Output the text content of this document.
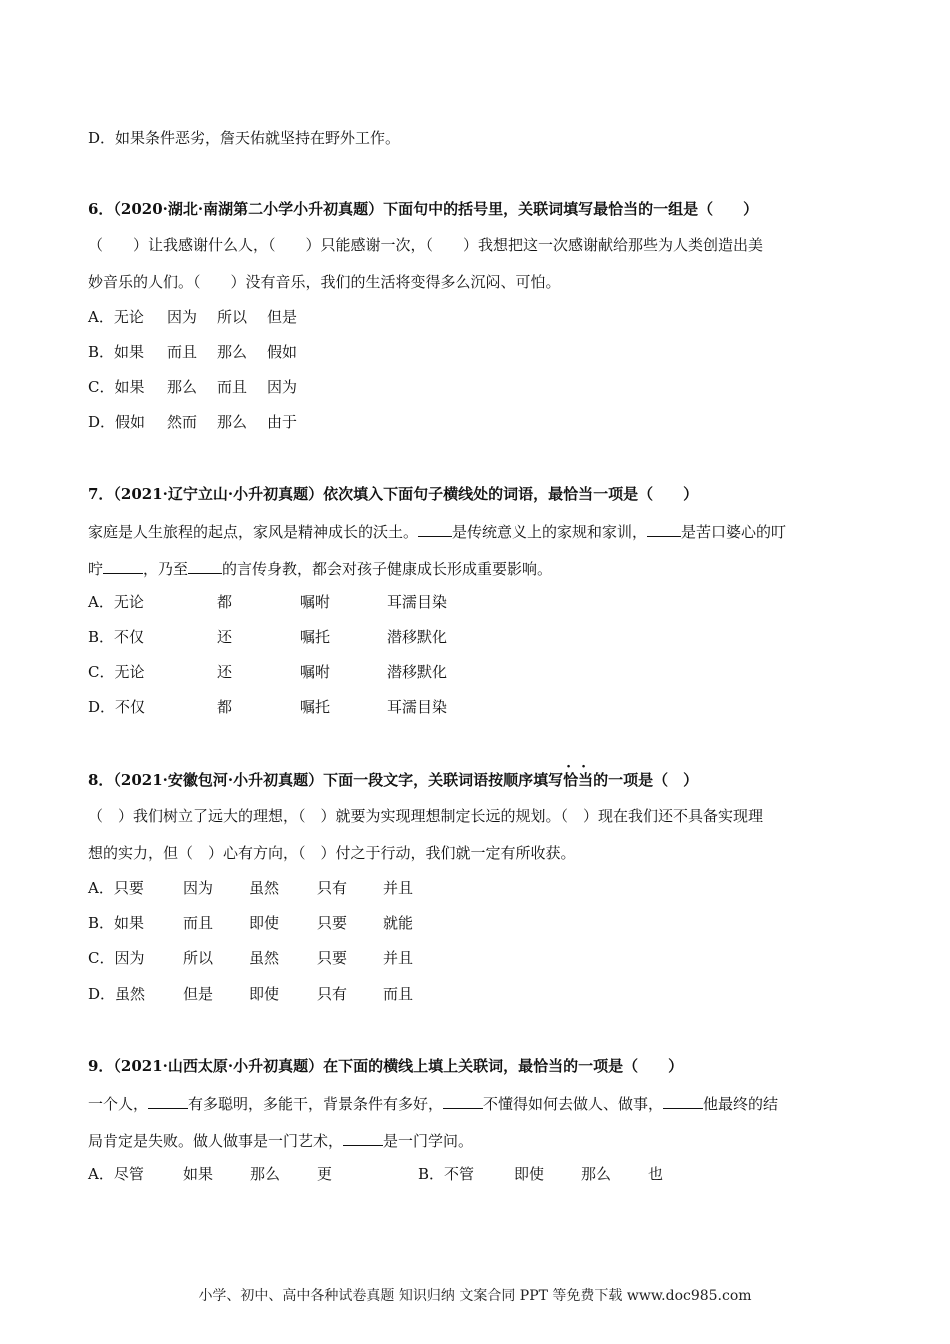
D．如果条件恶劣，詹天佑就坚持在野外工作。
6．（2020·湖北·南湖第二小学小升初真题）下面句中的括号里，关联词填写最恰当的一组是（　　）
（　　）让我感谢什么人，（　　）只能感谢一次，（　　）我想把这一次感谢献给那些为人类创造出美
妙音乐的人们。（　　）没有音乐，我们的生活将变得多么沉闷、可怕。
A．无论 因为 所以 但是
B．如果 而且 那么 假如
C．如果 那么 而且 因为
D．假如 然而 那么 由于
7．（2021·辽宁立山·小升初真题）依次填入下面句子横线处的词语，最恰当一项是（　　）
家庭是人生旅程的起点，家风是精神成长的沃土。 是传统意义上的家规和家训， 是苦口婆心的叮
咛	，乃至 的言传身教，都会对孩子健康成长形成重要影响。
A．无论	都	嘱咐	耳濡目染
B．不仅	还	嘱托	潜移默化
C．无论	还	嘱咐	潜移默化
D．不仅	都	嘱托	耳濡目染
8．（2021·安徽包河·小升初真题）下面一段文字，关联词语按顺序填写恰当的一项是（　）
（　）我们树立了远大的理想，（　）就要为实现理想制定长远的规划。（　）现在我们还不具备实现理
想的实力，但（　）心有方向，（　）付之于行动，我们就一定有所收获。
A．只要	因为 虽然	只有 并且
B．如果	而且 即使	只要 就能
C．因为	所以 虽然	只要 并且
D．虽然	但是 即使	只有 而且
9．（2021·山西太原·小升初真题）在下面的横线上填上关联词，最恰当的一项是（　　）
一个人，	有多聪明，多能干，背景条件有多好，	不懂得如何去做人、做事，	他最终的结
局肯定是失败。做人做事是一门艺术，	是一门学问。
A．尽管	如果 那么 更	B．不管	即使 那么 也
小学、初中、高中各种试卷真题 知识归纳 文案合同 PPT 等免费下载 www.doc985.com
